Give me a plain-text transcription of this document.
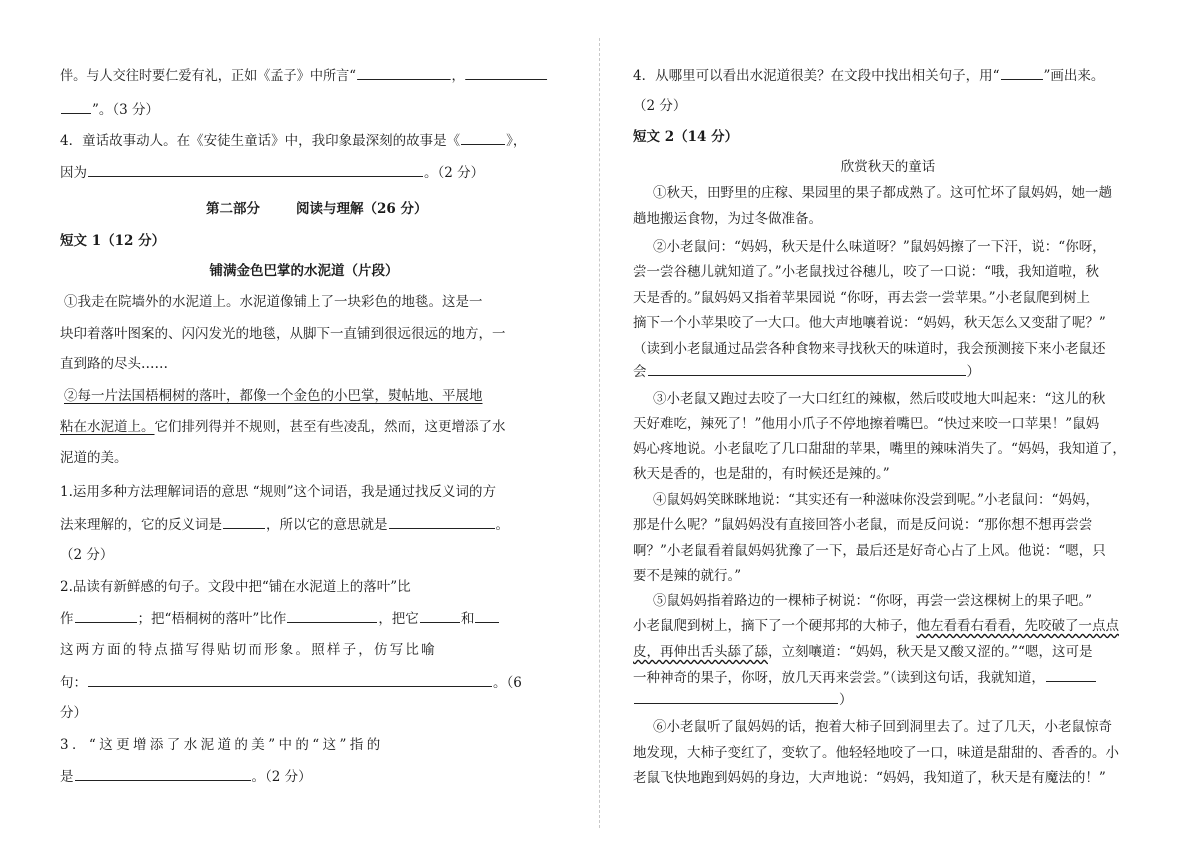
伴。与人交往时要仁爱有礼，正如《孟子》中所言“	，
”。（3 分）
4．童话故事动人。在《安徒生童话》中，我印象最深刻的故事是《	》，
因为	。（2 分）
第二部分	阅读与理解（26 分）
短文 1（12 分）
铺满金色巴掌的水泥道（片段）
①我走在院墙外的水泥道上。水泥道像铺上了一块彩色的地毯。这是一
块印着落叶图案的、闪闪发光的地毯，从脚下一直铺到很远很远的地方，一
直到路的尽头……
②每一片法国梧桐树的落叶，都像一个金色的小巴掌，熨帖地、平展地
粘在水泥道上。它们排列得并不规则，甚至有些凌乱，然而，这更增添了水
泥道的美。
1.运用多种方法理解词语的意思 “规则”这个词语，我是通过找反义词的方
法来理解的，它的反义词是	，所以它的意思就是	。
（2 分）
2.品读有新鲜感的句子。文段中把“铺在水泥道上的落叶”比
作	；把“梧桐树的落叶”比作	，把它	和
这两方面的特点描写得贴切而形象。照样子，仿写比喻
句：	。（6
分）
3．“这更增添了水泥道的美”中的“这”指的
是	。（2 分）
4．从哪里可以看出水泥道很美？在文段中找出相关句子，用“	”画出来。
（2 分）
短文 2（14 分）
欣赏秋天的童话
①秋天，田野里的庄稼、果园里的果子都成熟了。这可忙坏了鼠妈妈，她一趟
趟地搬运食物，为过冬做准备。
②小老鼠问：“妈妈，秋天是什么味道呀？”鼠妈妈擦了一下汗，说：“你呀，
尝一尝谷穗儿就知道了。”小老鼠找过谷穗儿，咬了一口说：“哦，我知道啦，秋
天是香的。”鼠妈妈又指着苹果园说 “你呀，再去尝一尝苹果。”小老鼠爬到树上
摘下一个小苹果咬了一大口。他大声地嚷着说：“妈妈，秋天怎么又变甜了呢？”
（读到小老鼠通过品尝各种食物来寻找秋天的味道时，我会预测接下来小老鼠还
会	）
③小老鼠又跑过去咬了一大口红红的辣椒，然后哎哎地大叫起来：“这儿的秋
天好难吃，辣死了！”他用小爪子不停地擦着嘴巴。“快过来咬一口苹果！”鼠妈
妈心疼地说。小老鼠吃了几口甜甜的苹果，嘴里的辣味消失了。“妈妈，我知道了，
秋天是香的，也是甜的，有时候还是辣的。”
④鼠妈妈笑眯眯地说：“其实还有一种滋味你没尝到呢。”小老鼠问：“妈妈，
那是什么呢？”鼠妈妈没有直接回答小老鼠，而是反问说：“那你想不想再尝尝
啊？”小老鼠看着鼠妈妈犹豫了一下，最后还是好奇心占了上风。他说：“嗯，只
要不是辣的就行。”
⑤鼠妈妈指着路边的一棵柿子树说：“你呀，再尝一尝这棵树上的果子吧。”
小老鼠爬到树上，摘下了一个硬邦邦的大柿子，他左看看右看看，先咬破了一点点
皮，再伸出舌头舔了舔，立刻嚷道：“妈妈，秋天是又酸又涩的。”“嗯，这可是
一种神奇的果子，你呀，放几天再来尝尝。”（读到这句话，我就知道，
）
⑥小老鼠听了鼠妈妈的话，抱着大柿子回到洞里去了。过了几天，小老鼠惊奇
地发现，大柿子变红了，变软了。他轻轻地咬了一口，味道是甜甜的、香香的。小
老鼠飞快地跑到妈妈的身边，大声地说：“妈妈，我知道了，秋天是有魔法的！”
